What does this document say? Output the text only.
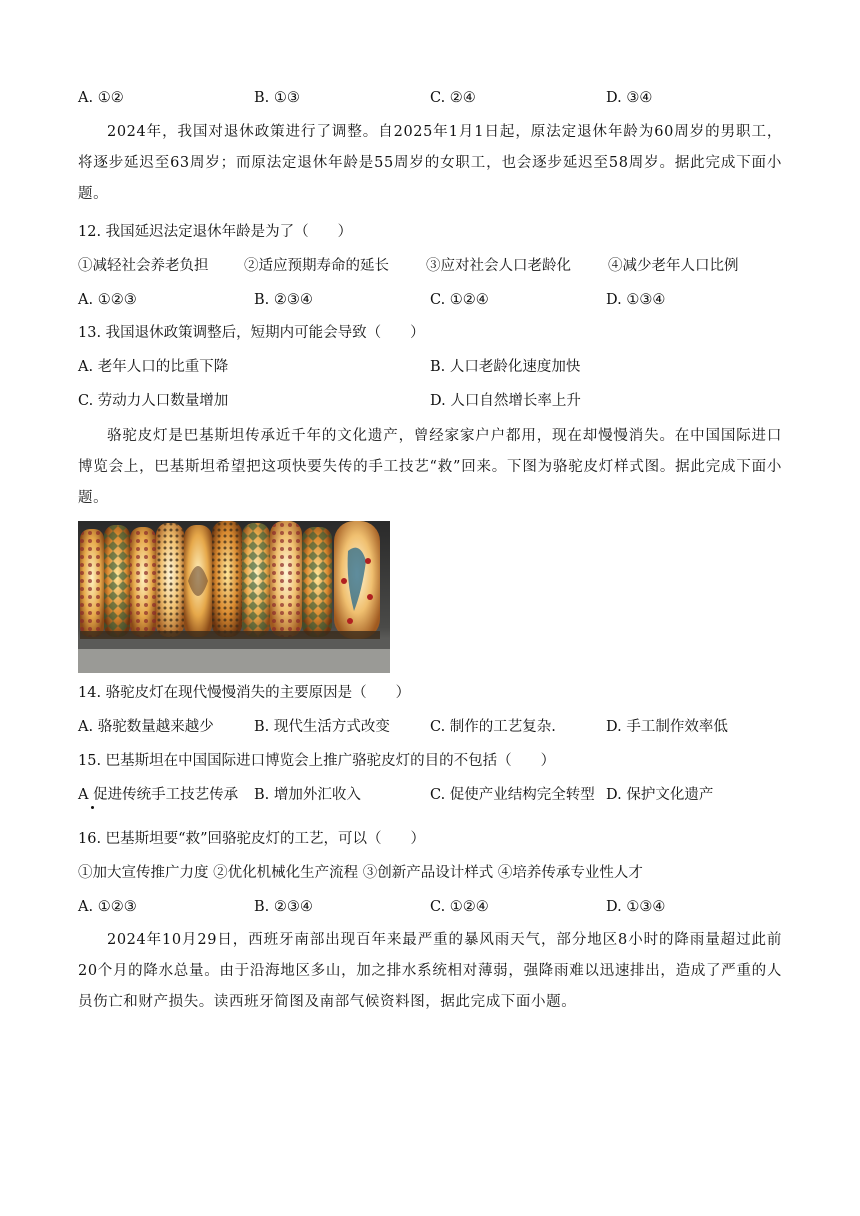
A. ①②	B. ①③	C. ②④	D. ③④
2024年，我国对退休政策进行了调整。自2025年1月1日起，原法定退休年龄为60周岁的男职工，将逐步延迟至63周岁；而原法定退休年龄是55周岁的女职工，也会逐步延迟至58周岁。据此完成下面小题。
12. 我国延迟法定退休年龄是为了（　　）
①减轻社会养老负担 ②适应预期寿命的延长	③应对社会人口老龄化	④减少老年人口比例
A. ①②③	B. ②③④	C. ①②④	D. ①③④
13. 我国退休政策调整后，短期内可能会导致（　　）
A. 老年人口的比重下降	B. 人口老龄化速度加快
C. 劳动力人口数量增加	D. 人口自然增长率上升
骆驼皮灯是巴基斯坦传承近千年的文化遗产，曾经家家户户都用，现在却慢慢消失。在中国国际进口博览会上，巴基斯坦希望把这项快要失传的手工技艺“救”回来。下图为骆驼皮灯样式图。据此完成下面小题。
14. 骆驼皮灯在现代慢慢消失的主要原因是（　　）
A. 骆驼数量越来越少	B. 现代生活方式改变	C. 制作的工艺复杂.	D. 手工制作效率低
15. 巴基斯坦在中国国际进口博览会上推广骆驼皮灯的目的不包括（　　）
A 促进传统手工技艺传承 B. 增加外汇收入	C. 促使产业结构完全转型 D. 保护文化遗产
16. 巴基斯坦要“救”回骆驼皮灯的工艺，可以（　　）
①加大宣传推广力度 ②优化机械化生产流程 ③创新产品设计样式 ④培养传承专业性人才
A. ①②③	B. ②③④	C. ①②④	D. ①③④
2024年10月29日，西班牙南部出现百年来最严重的暴风雨天气，部分地区8小时的降雨量超过此前20个月的降水总量。由于沿海地区多山，加之排水系统相对薄弱，强降雨难以迅速排出，造成了严重的人员伤亡和财产损失。读西班牙简图及南部气候资料图，据此完成下面小题。
